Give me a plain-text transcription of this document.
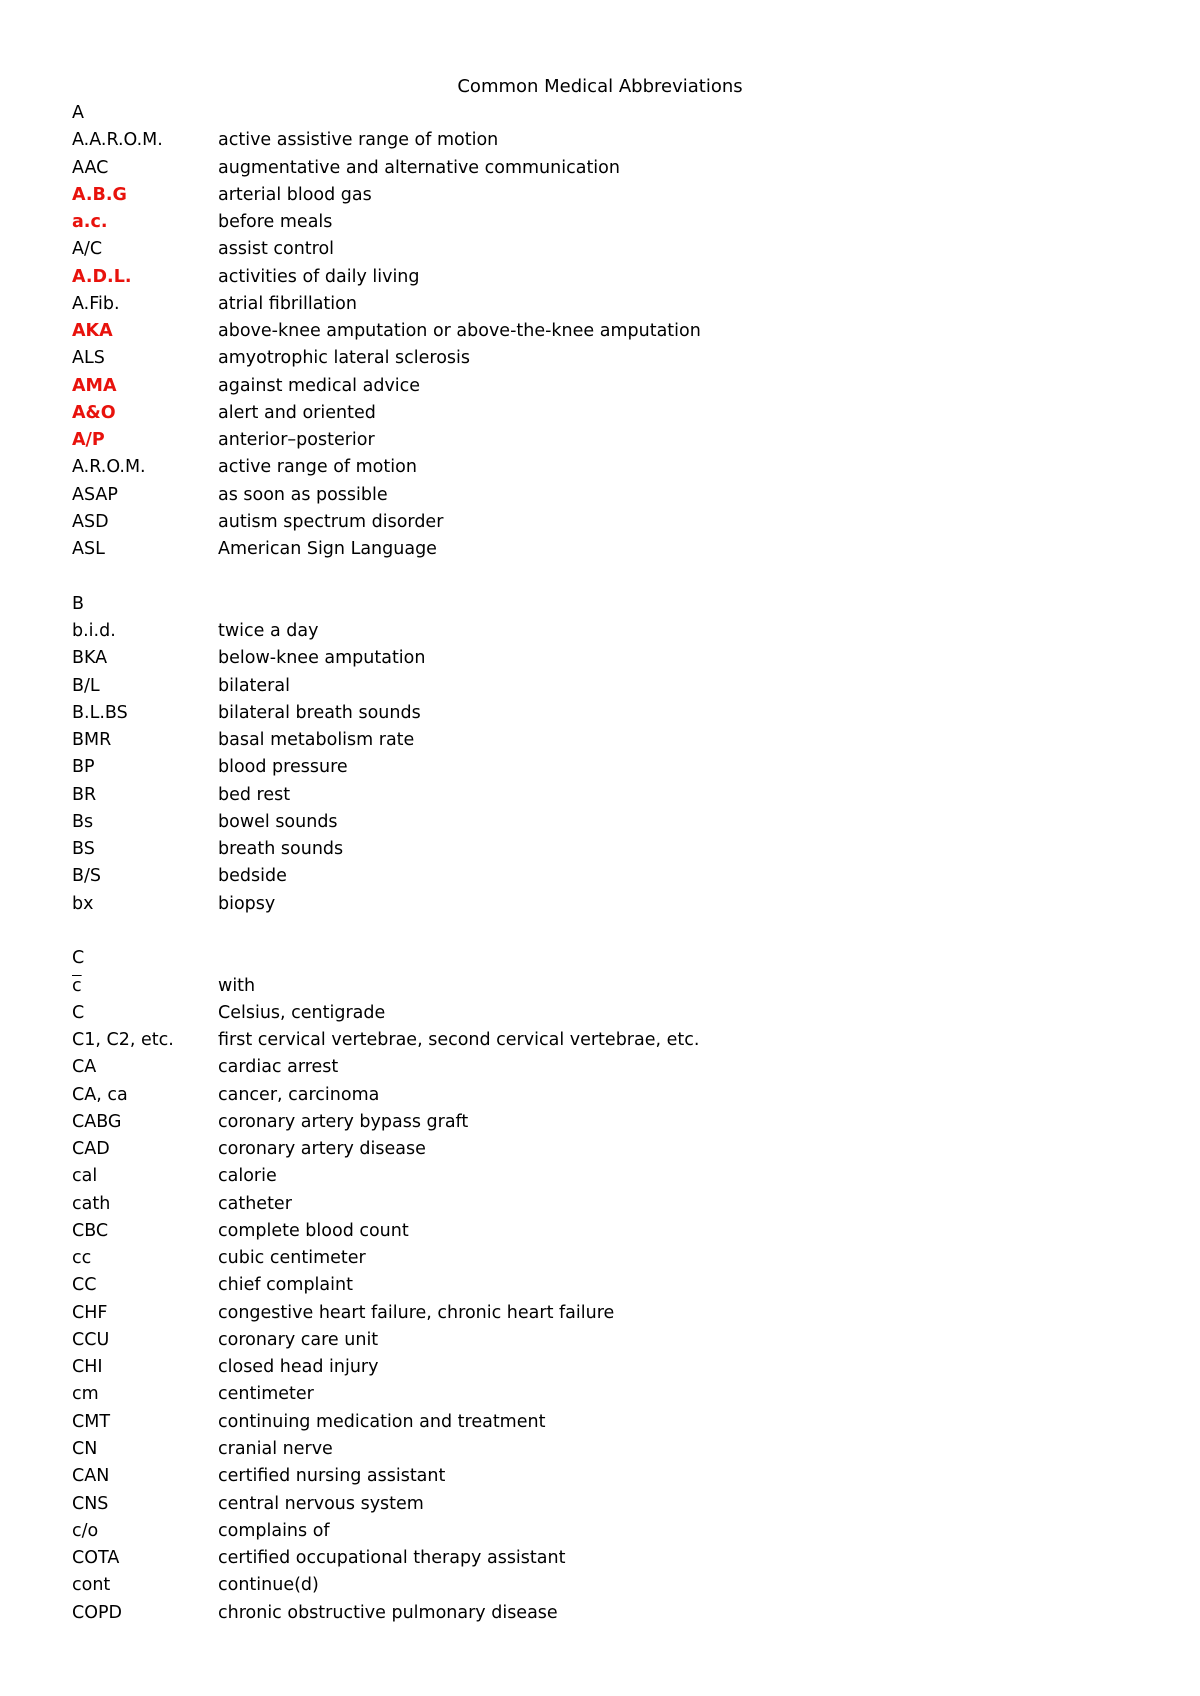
Common Medical Abbreviations
A
A.A.R.O.M.	active assistive range of motion
AAC	augmentative and alternative communication
A.B.G	arterial blood gas
a.c.	before meals
A/C	assist control
A.D.L.	activities of daily living
A.Fib.	atrial fibrillation
AKA	above-knee amputation or above-the-knee amputation
ALS	amyotrophic lateral sclerosis
AMA	against medical advice
A&O	alert and oriented
A/P	anterior–posterior
A.R.O.M.	active range of motion
ASAP	as soon as possible
ASD	autism spectrum disorder
ASL	American Sign Language
B
b.i.d.	twice a day
BKA	below-knee amputation
B/L	bilateral
B.L.BS	bilateral breath sounds
BMR	basal metabolism rate
BP	blood pressure
BR	bed rest
Bs	bowel sounds
BS	breath sounds
B/S	bedside
bx	biopsy
C
$\overline{c}$	with
C	Celsius, centigrade
C1, C2, etc.	first cervical vertebrae, second cervical vertebrae, etc.
CA	cardiac arrest
CA, ca	cancer, carcinoma
CABG	coronary artery bypass graft
CAD	coronary artery disease
cal	calorie
cath	catheter
CBC	complete blood count
cc	cubic centimeter
CC	chief complaint
CHF	congestive heart failure, chronic heart failure
CCU	coronary care unit
CHI	closed head injury
cm	centimeter
CMT	continuing medication and treatment
CN	cranial nerve
CAN	certified nursing assistant
CNS	central nervous system
c/o	complains of
COTA	certified occupational therapy assistant
cont	continue(d)
COPD	chronic obstructive pulmonary disease
